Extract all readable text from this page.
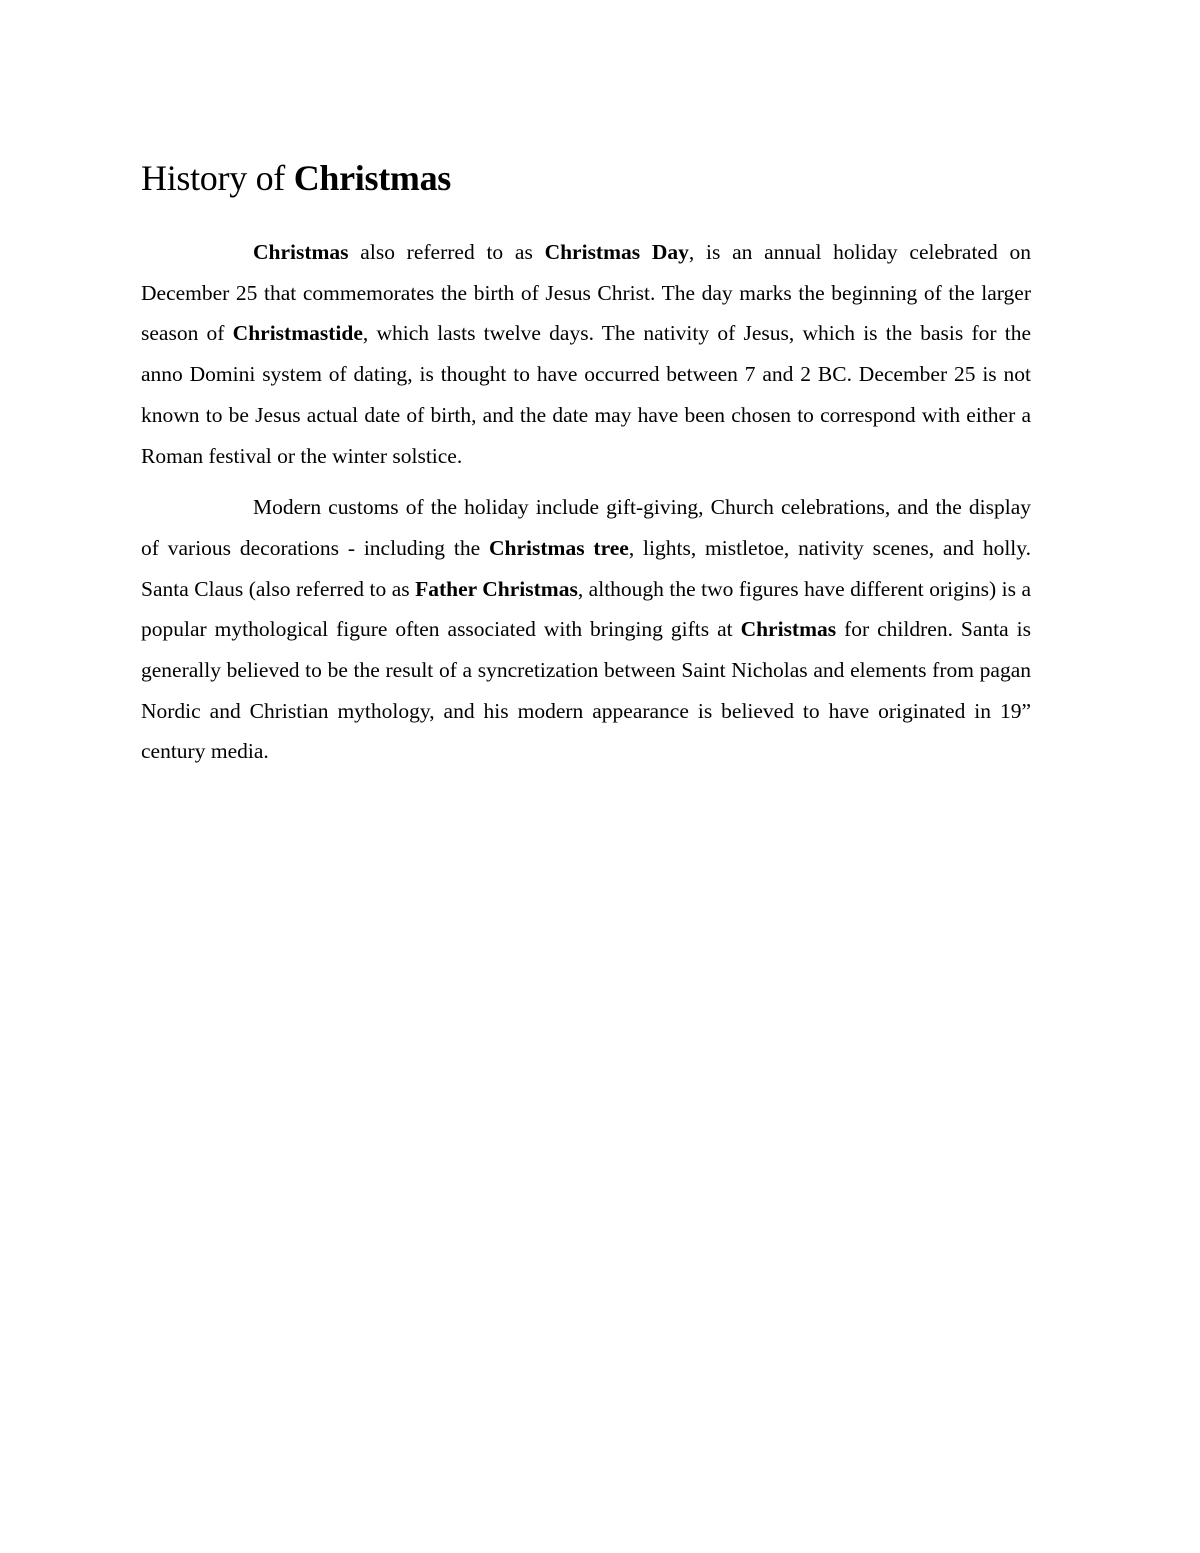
History of Christmas

Christmas also referred to as Christmas Day, is an annual holiday celebrated on December 25 that commemorates the birth of Jesus Christ. The day marks the beginning of the larger season of Christmastide, which lasts twelve days. The nativity of Jesus, which is the basis for the anno Domini system of dating, is thought to have occurred between 7 and 2 BC. December 25 is not known to be Jesus actual date of birth, and the date may have been chosen to correspond with either a Roman festival or the winter solstice.

Modern customs of the holiday include gift-giving, Church celebrations, and the display of various decorations - including the Christmas tree, lights, mistletoe, nativity scenes, and holly. Santa Claus (also referred to as Father Christmas, although the two figures have different origins) is a popular mythological figure often associated with bringing gifts at Christmas for children. Santa is generally believed to be the result of a syncretization between Saint Nicholas and elements from pagan Nordic and Christian mythology, and his modern appearance is believed to have originated in 19” century media.
